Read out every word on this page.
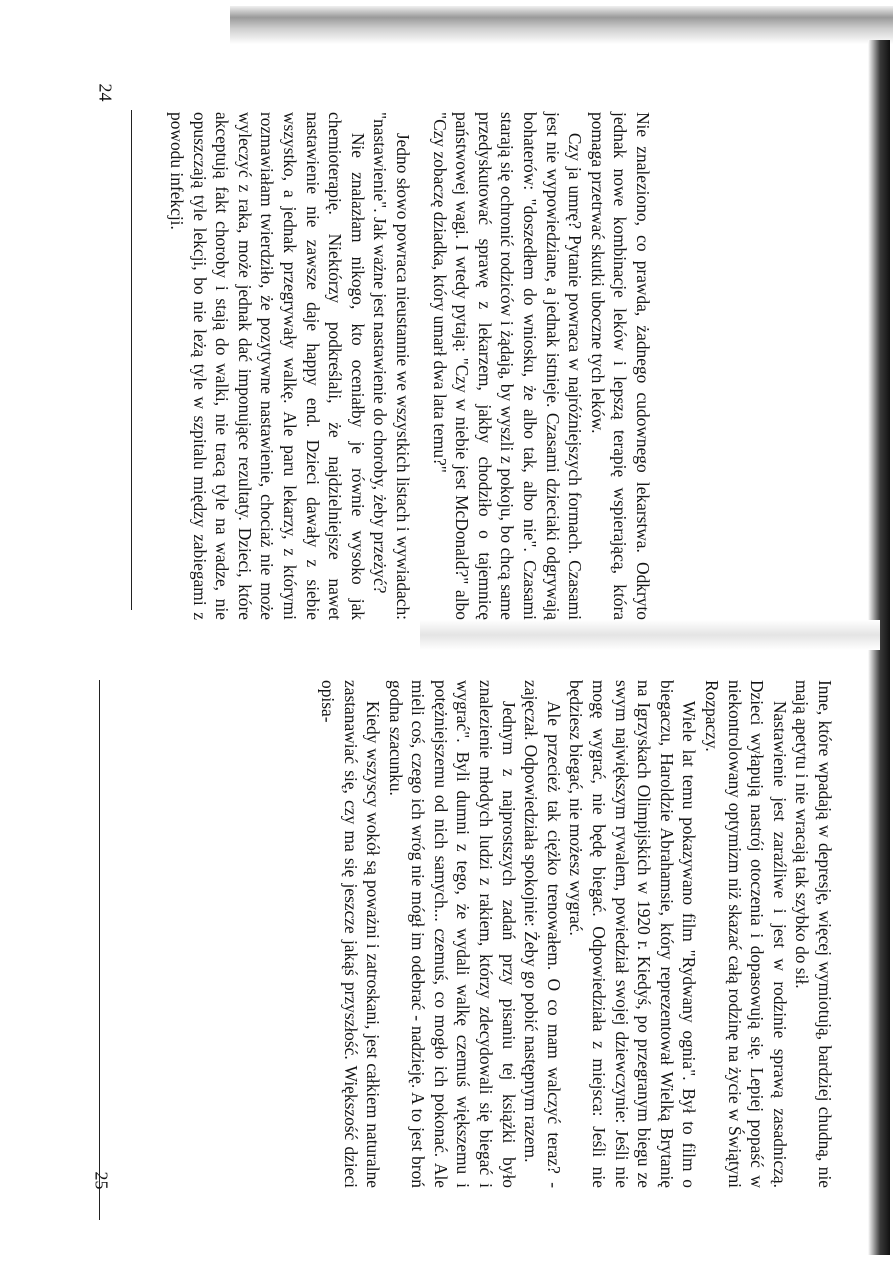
24
25

Nie znaleziono, co prawda, żadnego cudownego lekarstwa. Odkryto jednak nowe kombinacje leków i lepszą terapię wspierającą, która pomaga przetrwać skutki uboczne tych leków.

Czy ja umrę? Pytanie powraca w najróżniejszych formach. Czasami jest nie wypowiedziane, a jednak istnieje. Czasami dzieciaki odgrywają bohaterów: "doszedłem do wniosku, że albo tak, albo nie". Czasami starają się ochronić rodziców i żądają, by wyszli z pokoju, bo chcą same przedyskutować sprawę z lekarzem, jakby chodziło o tajemnicę państwowej wagi. I wtedy pytają: "Czy w niebie jest McDonald?" albo "Czy zobaczę dziadka, który umarł dwa lata temu?"

Jedno słowo powraca nieustannie we wszystkich listach i wywiadach: "nastawienie". Jak ważne jest nastawienie do choroby, żeby przeżyć?

Nie znalazłam nikogo, kto oceniałby je równie wysoko jak chemioterapię. Niektórzy podkreślali, że najdzielniejsze nawet nastawienie nie zawsze daje happy end. Dzieci dawały z siebie wszystko, a jednak przegrywały walkę. Ale paru lekarzy, z którymi rozmawiałam twierdziło, że pozytywne nastawienie, chociaż nie może wyleczyć z raka, może jednak dać imponujące rezultaty. Dzieci, które akceptują fakt choroby i stają do walki, nie tracą tyle na wadze, nie opuszczają tyle lekcji, bo nie leżą tyle w szpitalu między zabiegami z powodu infekcji.

Inne, które wpadają w depresję, więcej wymiotują, bardziej chudną, nie mają apetytu i nie wracają tak szybko do sił.

Nastawienie jest zaraźliwe i jest w rodzinie sprawą zasadniczą. Dzieci wyłapują nastrój otoczenia i dopasowują się. Lepiej popaść w niekontrolowany optymizm niż skazać całą rodzinę na życie w Świątyni Rozpaczy.

Wiele lat temu pokazywano film "Rydwany ognia". Był to film o biegaczu, Haroldzie Abrahamsie, który reprezentował Wielką Brytanię na Igrzyskach Olimpijskich w 1920 r. Kiedyś, po przegranym biegu ze swym największym rywalem, powiedział swojej dziewczynie: Jeśli nie mogę wygrać, nie będę biegać. Odpowiedziała z miejsca: Jeśli nie będziesz biegać, nie możesz wygrać.

Ale przecież tak ciężko trenowałem. O co mam walczyć teraz? - zajęczał. Odpowiedziała spokojnie: Żeby go pobić następnym razem.

Jednym z najprostszych zadań przy pisaniu tej książki było znalezienie młodych ludzi z rakiem, którzy zdecydowali się biegać i wygrać". Byli dumni z tego, że wydali walkę czemuś większemu i potężniejszemu od nich samych... czemuś, co mogło ich pokonać. Ale mieli coś, czego ich wróg nie mógł im odebrać - nadzieję. A to jest broń godna szacunku.

Kiedy wszyscy wokół są poważni i zatroskani, jest całkiem naturalne zastanawiać się, czy ma się jeszcze jakąś przyszłość. Większość dzieci opisa-
